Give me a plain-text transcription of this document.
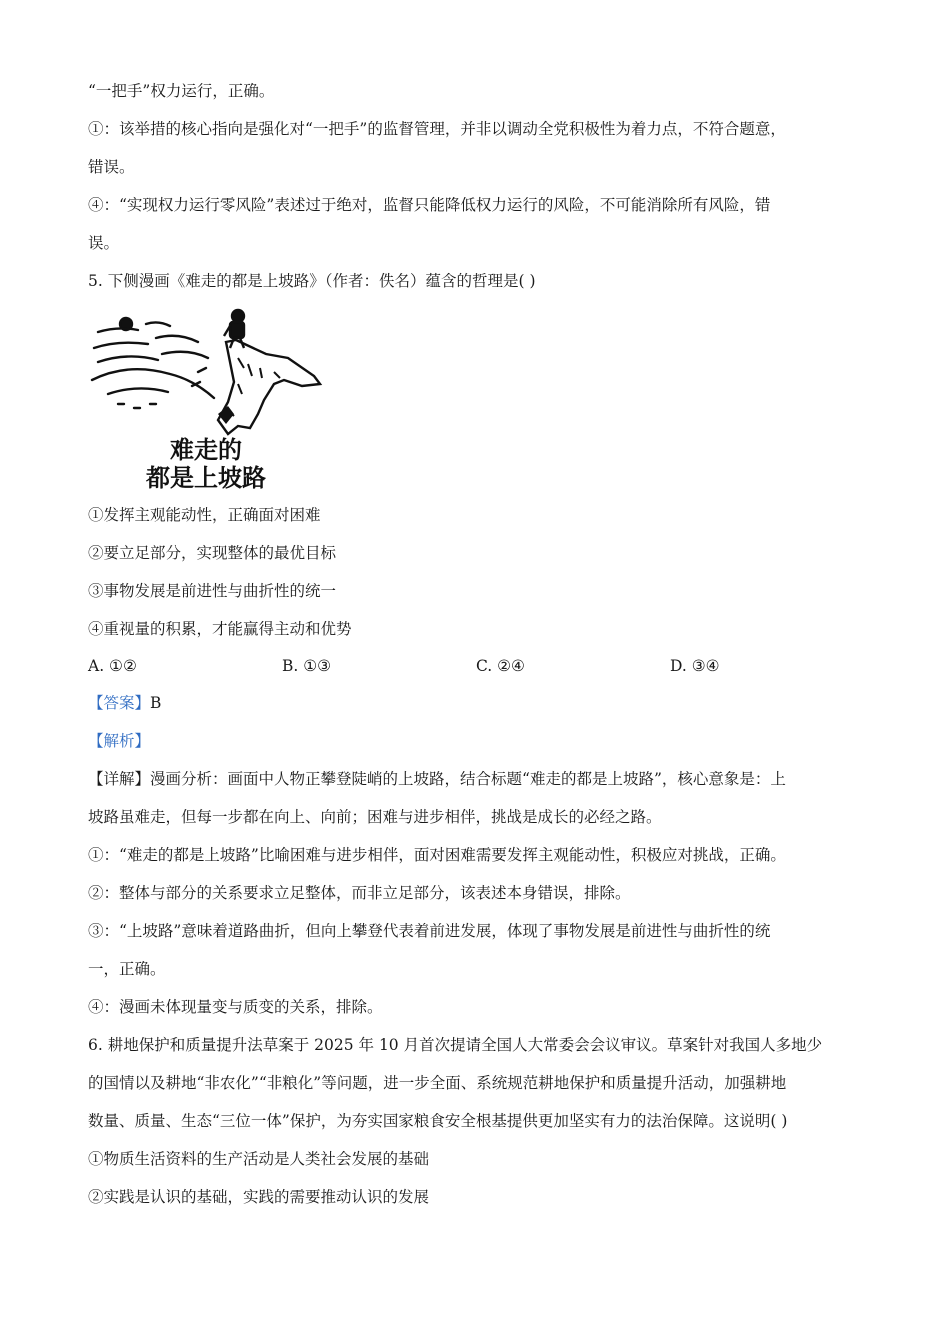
“一把手”权力运行，正确。
①：该举措的核心指向是强化对“一把手”的监督管理，并非以调动全党积极性为着力点，不符合题意，
错误。
④：“实现权力运行零风险”表述过于绝对，监督只能降低权力运行的风险，不可能消除所有风险，错
误。
5. 下侧漫画《难走的都是上坡路》（作者：佚名）蕴含的哲理是( )
难走的
都是上坡路
①发挥主观能动性，正确面对困难
②要立足部分，实现整体的最优目标
③事物发展是前进性与曲折性的统一
④重视量的积累，才能赢得主动和优势
A. ①②	B. ①③	C. ②④	D. ③④
【答案】B
【解析】
【详解】漫画分析：画面中人物正攀登陡峭的上坡路，结合标题“难走的都是上坡路”，核心意象是：上
坡路虽难走，但每一步都在向上、向前；困难与进步相伴，挑战是成长的必经之路。
①：“难走的都是上坡路”比喻困难与进步相伴，面对困难需要发挥主观能动性，积极应对挑战，正确。
②：整体与部分的关系要求立足整体，而非立足部分，该表述本身错误，排除。
③：“上坡路”意味着道路曲折，但向上攀登代表着前进发展，体现了事物发展是前进性与曲折性的统
一，正确。
④：漫画未体现量变与质变的关系，排除。
6. 耕地保护和质量提升法草案于 2025 年 10 月首次提请全国人大常委会会议审议。草案针对我国人多地少
的国情以及耕地“非农化”“非粮化”等问题，进一步全面、系统规范耕地保护和质量提升活动，加强耕地
数量、质量、生态“三位一体”保护，为夯实国家粮食安全根基提供更加坚实有力的法治保障。这说明( )
①物质生活资料的生产活动是人类社会发展的基础
②实践是认识的基础，实践的需要推动认识的发展
